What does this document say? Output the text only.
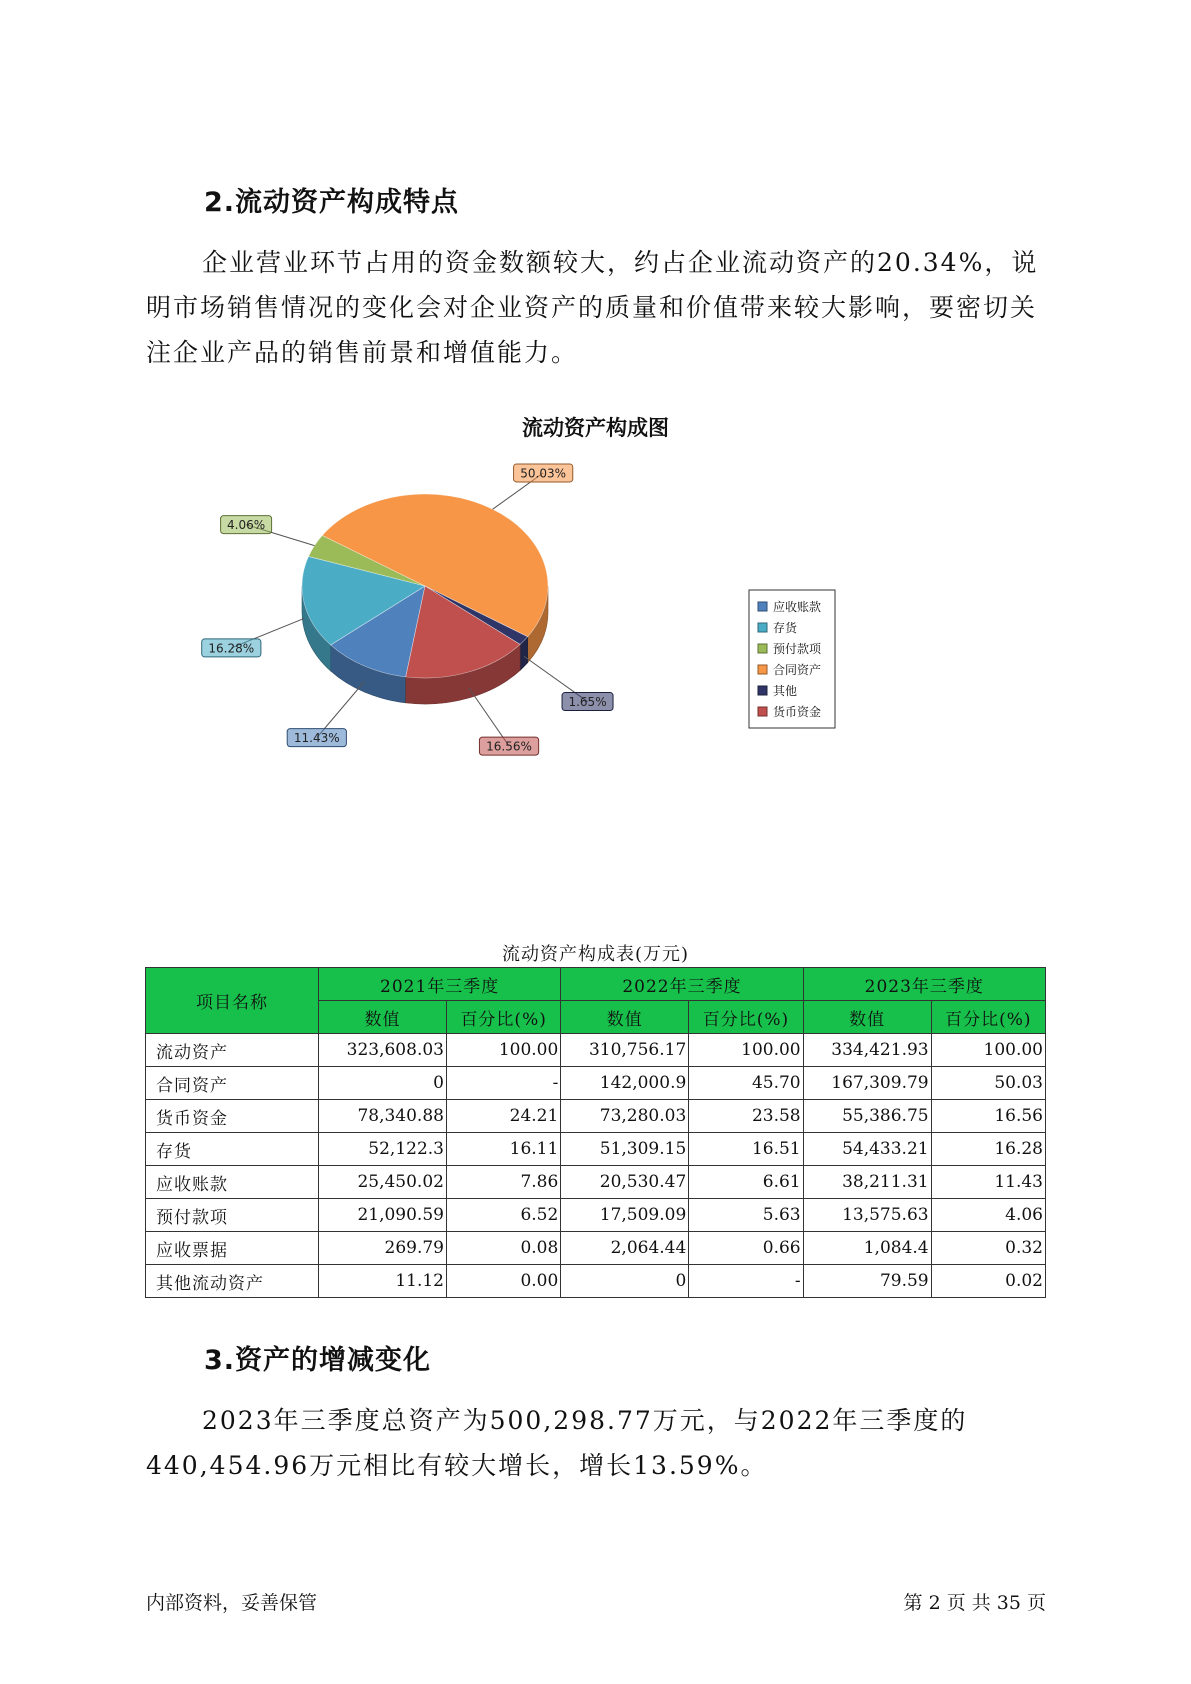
2.流动资产构成特点

企业营业环节占用的资金数额较大，约占企业流动资产的20.34%，说明市场销售情况的变化会对企业资产的质量和价值带来较大影响，要密切关注企业产品的销售前景和增值能力。

流动资产构成图
11.43%
16.28%
4.06%
50.03%
1.65%
16.56%
应收账款
存货
预付款项
合同资产
其他
货币资金
流动资产构成表(万元)
项目名称	2021年三季度		2022年三季度		2023年三季度	
	数值	百分比(%)	数值	百分比(%)	数值	百分比(%)
流动资产	323,608.03	100.00	310,756.17	100.00	334,421.93	100.00
合同资产	0	-	142,000.9	45.70	167,309.79	50.03
货币资金	78,340.88	24.21	73,280.03	23.58	55,386.75	16.56
存货	52,122.3	16.11	51,309.15	16.51	54,433.21	16.28
应收账款	25,450.02	7.86	20,530.47	6.61	38,211.31	11.43
预付款项	21,090.59	6.52	17,509.09	5.63	13,575.63	4.06
应收票据	269.79	0.08	2,064.44	0.66	1,084.4	0.32
其他流动资产	11.12	0.00	0	-	79.59	0.02
3.资产的增减变化

2023年三季度总资产为500,298.77万元，与2022年三季度的440,454.96万元相比有较大增长，增长13.59%。

内部资料，妥善保管	第 2 页 共 35 页
